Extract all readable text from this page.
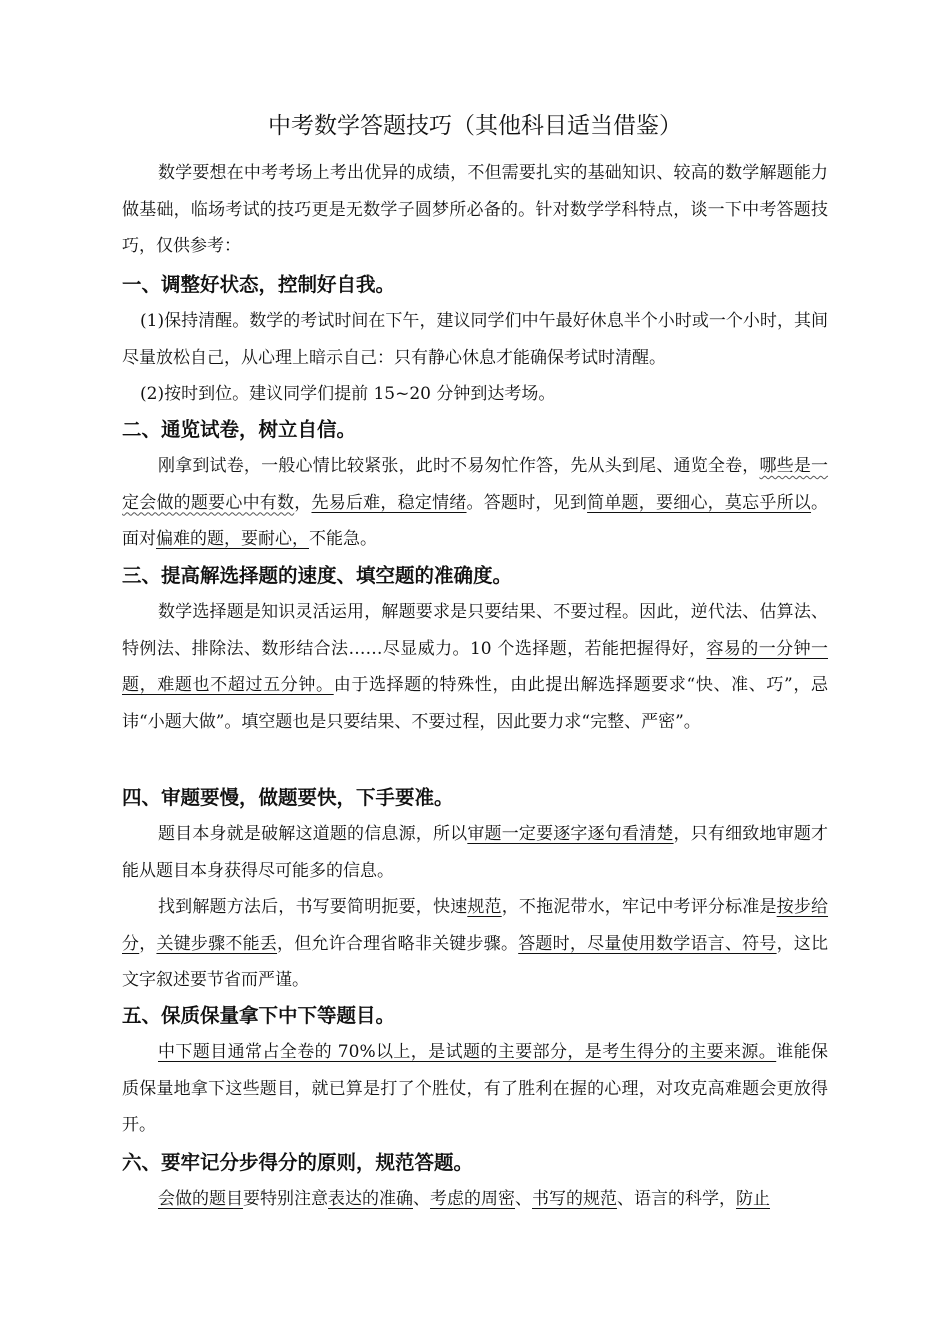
中考数学答题技巧（其他科目适当借鉴）

数学要想在中考考场上考出优异的成绩，不但需要扎实的基础知识、较高的数学解题能力做基础，临场考试的技巧更是无数学子圆梦所必备的。针对数学学科特点，谈一下中考答题技巧，仅供参考：

一、调整好状态，控制好自我。

(1)保持清醒。数学的考试时间在下午，建议同学们中午最好休息半个小时或一个小时，其间尽量放松自己，从心理上暗示自己：只有静心休息才能确保考试时清醒。

(2)按时到位。建议同学们提前 15~20 分钟到达考场。

二、通览试卷，树立自信。

刚拿到试卷，一般心情比较紧张，此时不易匆忙作答，先从头到尾、通览全卷，哪些是一定会做的题要心中有数，先易后难，稳定情绪。答题时，见到简单题，要细心，莫忘乎所以。面对偏难的题，要耐心，不能急。

三、提高解选择题的速度、填空题的准确度。

数学选择题是知识灵活运用，解题要求是只要结果、不要过程。因此，逆代法、估算法、特例法、排除法、数形结合法……尽显威力。10 个选择题，若能把握得好，容易的一分钟一题，难题也不超过五分钟。由于选择题的特殊性，由此提出解选择题要求“快、准、巧”，忌讳“小题大做”。填空题也是只要结果、不要过程，因此要力求“完整、严密”。

四、审题要慢，做题要快，下手要准。

题目本身就是破解这道题的信息源，所以审题一定要逐字逐句看清楚，只有细致地审题才能从题目本身获得尽可能多的信息。

找到解题方法后，书写要简明扼要，快速规范，不拖泥带水，牢记中考评分标准是按步给分，关键步骤不能丢，但允许合理省略非关键步骤。答题时，尽量使用数学语言、符号，这比文字叙述要节省而严谨。

五、保质保量拿下中下等题目。

中下题目通常占全卷的 70%以上，是试题的主要部分，是考生得分的主要来源。谁能保质保量地拿下这些题目，就已算是打了个胜仗，有了胜利在握的心理，对攻克高难题会更放得开。

六、要牢记分步得分的原则，规范答题。

会做的题目要特别注意表达的准确、考虑的周密、书写的规范、语言的科学，防止
